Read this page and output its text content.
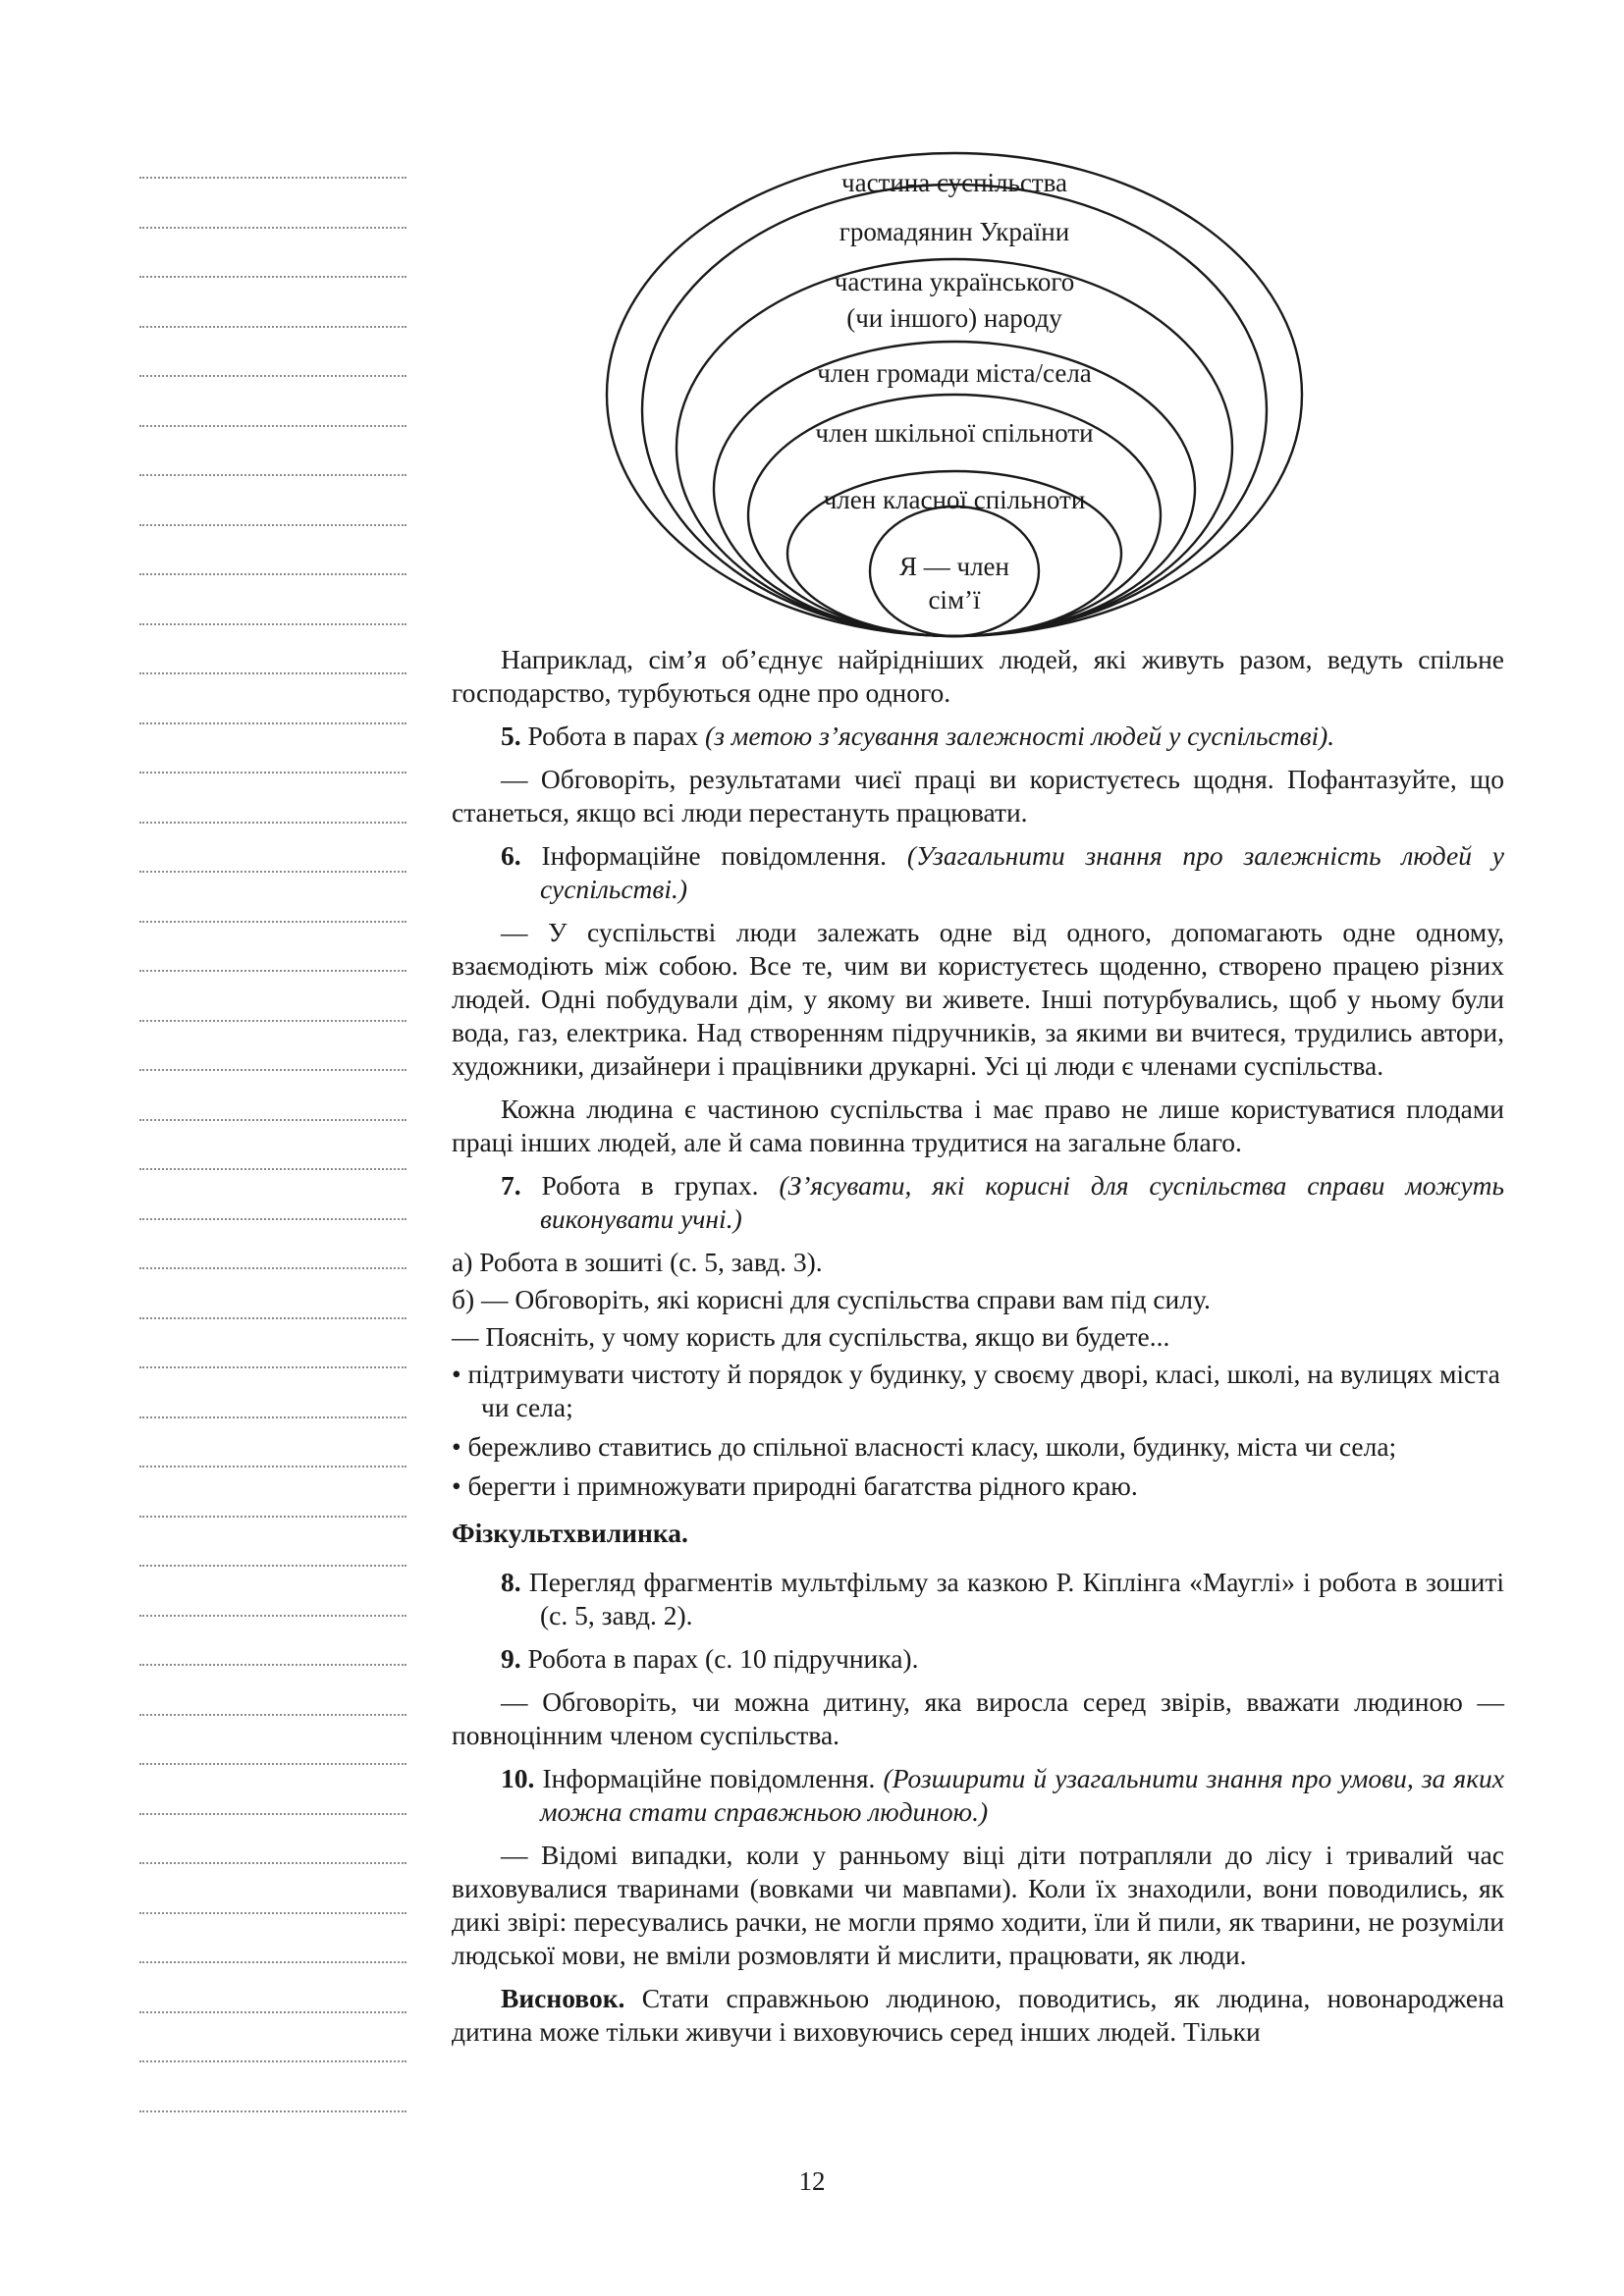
частина суспільства
громадянин України
частина українського
(чи іншого) народу
член громади міста/села
член шкільної спільноти
член класної спільноти
Я — член
сім’ї

Наприклад, сім’я об’єднує найрідніших людей, які живуть разом, ведуть спільне господарство, турбуються одне про одного.

5. Робота в парах (з метою з’ясування залежності людей у суспільстві).

— Обговоріть, результатами чиєї праці ви користуєтесь щодня. Пофантазуйте, що станеться, якщо всі люди перестануть працювати.

6. Інформаційне повідомлення. (Узагальнити знання про залежність людей у суспільстві.)

— У суспільстві люди залежать одне від одного, допомагають одне одному, взаємодіють між собою. Все те, чим ви користуєтесь щоденно, створено працею різних людей. Одні побудували дім, у якому ви живете. Інші потурбувались, щоб у ньому були вода, газ, електрика. Над створенням підручників, за якими ви вчитеся, трудились автори, художники, дизайнери і працівники друкарні. Усі ці люди є членами суспільства.

Кожна людина є частиною суспільства і має право не лише користуватися плодами праці інших людей, але й сама повинна трудитися на загальне благо.

7. Робота в групах. (З’ясувати, які корисні для суспільства справи можуть виконувати учні.)

а) Робота в зошиті (с. 5, завд. 3).

б) — Обговоріть, які корисні для суспільства справи вам під силу.

— Поясніть, у чому користь для суспільства, якщо ви будете...

• підтримувати чистоту й порядок у будинку, у своєму дворі, класі, школі, на вулицях міста чи села;

• бережливо ставитись до спільної власності класу, школи, будинку, міста чи села;

• берегти і примножувати природні багатства рідного краю.

Фізкультхвилинка.

8. Перегляд фрагментів мультфільму за казкою Р. Кіплінга «Мауглі» і робота в зошиті (с. 5, завд. 2).

9. Робота в парах (с. 10 підручника).

— Обговоріть, чи можна дитину, яка виросла серед звірів, вважати людиною — повноцінним членом суспільства.

10. Інформаційне повідомлення. (Розширити й узагальнити знання про умови, за яких можна стати справжньою людиною.)

— Відомі випадки, коли у ранньому віці діти потрапляли до лісу і тривалий час виховувалися тваринами (вовками чи мавпами). Коли їх знаходили, вони поводились, як дикі звірі: пересувались рачки, не могли прямо ходити, їли й пили, як тварини, не розуміли людської мови, не вміли розмовляти й мислити, працювати, як люди.

Висновок. Стати справжньою людиною, поводитись, як людина, новонароджена дитина може тільки живучи і виховуючись серед інших людей. Тільки

12
